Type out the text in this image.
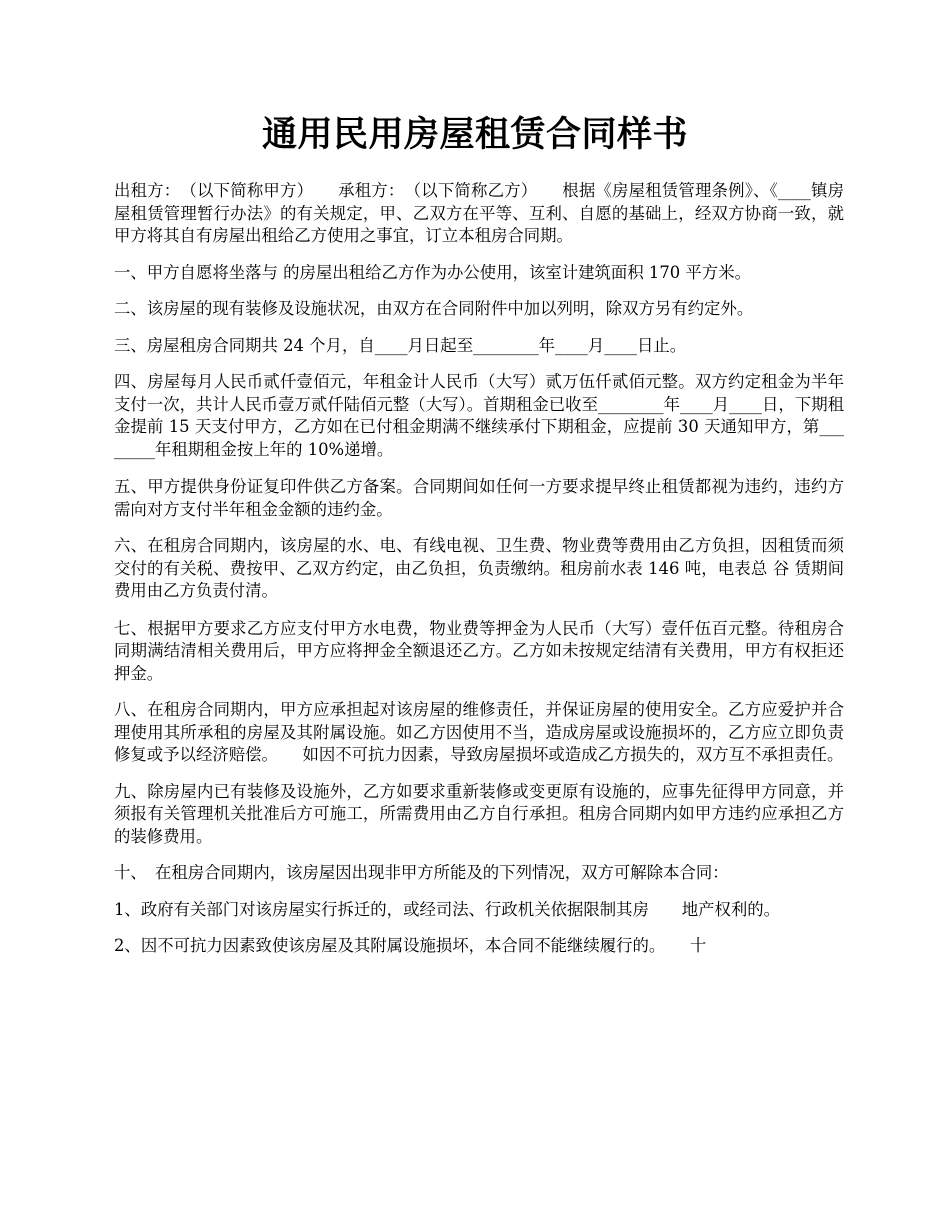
通用民用房屋租赁合同样书

出租方：　（以下简称甲方）　　承租方：　（以下简称乙方）　　根据《房屋租赁管理条例》、《____镇房屋租赁管理暂行办法》的有关规定，甲、乙双方在平等、互利、自愿的基础上，经双方协商一致，就甲方将其自有房屋出租给乙方使用之事宜，订立本租房合同期。

一、甲方自愿将坐落与 的房屋出租给乙方作为办公使用，该室计建筑面积 170 平方米。

二、该房屋的现有装修及设施状况，由双方在合同附件中加以列明，除双方另有约定外。

三、房屋租房合同期共 24 个月，自____月日起至________年____月____日止。

四、房屋每月人民币贰仟壹佰元，年租金计人民币（大写）贰万伍仟贰佰元整。双方约定租金为半年支付一次，共计人民币壹万贰仟陆佰元整（大写）。首期租金已收至________年____月____日，下期租金提前 15 天支付甲方，乙方如在已付租金期满不继续承付下期租金，应提前 30 天通知甲方，第________年租期租金按上年的 10%递增。

五、甲方提供身份证复印件供乙方备案。合同期间如任何一方要求提早终止租赁都视为违约，违约方需向对方支付半年租金金额的违约金。

六、在租房合同期内，该房屋的水、电、有线电视、卫生费、物业费等费用由乙方负担，因租赁而须交付的有关税、费按甲、乙双方约定，由乙负担，负责缴纳。租房前水表 146 吨，电表总 谷 赁期间费用由乙方负责付清。

七、根据甲方要求乙方应支付甲方水电费，物业费等押金为人民币（大写）壹仟伍百元整。待租房合同期满结清相关费用后，甲方应将押金全额退还乙方。乙方如未按规定结清有关费用，甲方有权拒还押金。

八、在租房合同期内，甲方应承担起对该房屋的维修责任，并保证房屋的使用安全。乙方应爱护并合理使用其所承租的房屋及其附属设施。如乙方因使用不当，造成房屋或设施损坏的，乙方应立即负责修复或予以经济赔偿。　　如因不可抗力因素，导致房屋损坏或造成乙方损失的，双方互不承担责任。

九、除房屋内已有装修及设施外，乙方如要求重新装修或变更原有设施的，应事先征得甲方同意，并须报有关管理机关批准后方可施工，所需费用由乙方自行承担。租房合同期内如甲方违约应承担乙方的装修费用。

十、　在租房合同期内，该房屋因出现非甲方所能及的下列情况，双方可解除本合同：

1、政府有关部门对该房屋实行拆迁的，或经司法、行政机关依据限制其房　　地产权利的。

2、因不可抗力因素致使该房屋及其附属设施损坏，本合同不能继续履行的。　　十
